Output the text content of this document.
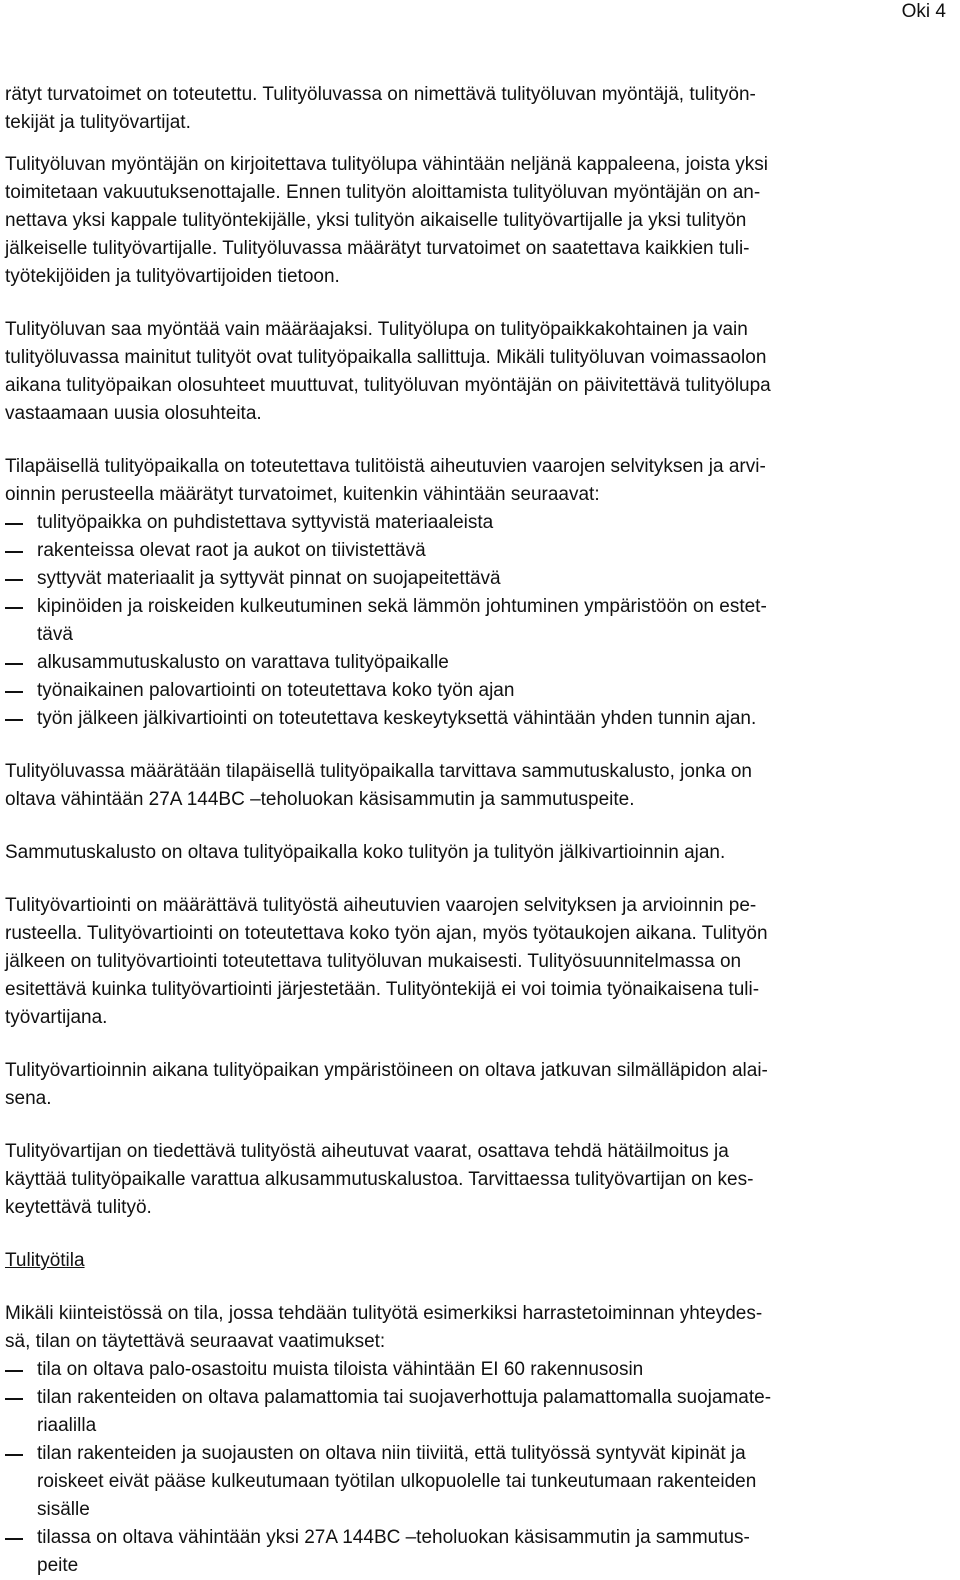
Oki 4

rätyt turvatoimet on toteutettu. Tulityöluvassa on nimettävä tulityöluvan myöntäjä, tulityön-
tekijät ja tulityövartijat.

Tulityöluvan myöntäjän on kirjoitettava tulityölupa vähintään neljänä kappaleena, joista yksi
toimitetaan vakuutuksenottajalle. Ennen tulityön aloittamista tulityöluvan myöntäjän on an-
nettava yksi kappale tulityöntekijälle, yksi tulityön aikaiselle tulityövartijalle ja yksi tulityön
jälkeiselle tulityövartijalle. Tulityöluvassa määrätyt turvatoimet on saatettava kaikkien tuli-
työtekijöiden ja tulityövartijoiden tietoon.

Tulityöluvan saa myöntää vain määräajaksi. Tulityölupa on tulityöpaikkakohtainen ja vain
tulityöluvassa mainitut tulityöt ovat tulityöpaikalla sallittuja. Mikäli tulityöluvan voimassaolon
aikana tulityöpaikan olosuhteet muuttuvat, tulityöluvan myöntäjän on päivitettävä tulityölupa
vastaamaan uusia olosuhteita.

Tilapäisellä tulityöpaikalla on toteutettava tulitöistä aiheutuvien vaarojen selvityksen ja arvi-
oinnin perusteella määrätyt turvatoimet, kuitenkin vähintään seuraavat:

tulityöpaikka on puhdistettava syttyvistä materiaaleista
rakenteissa olevat raot ja aukot on tiivistettävä
syttyvät materiaalit ja syttyvät pinnat on suojapeitettävä
kipinöiden ja roiskeiden kulkeutuminen sekä lämmön johtuminen ympäristöön on estet-
tävä
alkusammutuskalusto on varattava tulityöpaikalle
työnaikainen palovartiointi on toteutettava koko työn ajan
työn jälkeen jälkivartiointi on toteutettava keskeytyksettä vähintään yhden tunnin ajan.

Tulityöluvassa määrätään tilapäisellä tulityöpaikalla tarvittava sammutuskalusto, jonka on
oltava vähintään 27A 144BC –teholuokan käsisammutin ja sammutuspeite.

Sammutuskalusto on oltava tulityöpaikalla koko tulityön ja tulityön jälkivartioinnin ajan.

Tulityövartiointi on määrättävä tulityöstä aiheutuvien vaarojen selvityksen ja arvioinnin pe-
rusteella. Tulityövartiointi on toteutettava koko työn ajan, myös työtaukojen aikana. Tulityön
jälkeen on tulityövartiointi toteutettava tulityöluvan mukaisesti. Tulityösuunnitelmassa on
esitettävä kuinka tulityövartiointi järjestetään. Tulityöntekijä ei voi toimia työnaikaisena tuli-
työvartijana.

Tulityövartioinnin aikana tulityöpaikan ympäristöineen on oltava jatkuvan silmälläpidon alai-
sena.

Tulityövartijan on tiedettävä tulityöstä aiheutuvat vaarat, osattava tehdä hätäilmoitus ja
käyttää tulityöpaikalle varattua alkusammutuskalustoa. Tarvittaessa tulityövartijan on kes-
keytettävä tulityö.

Tulityötila

Mikäli kiinteistössä on tila, jossa tehdään tulityötä esimerkiksi harrastetoiminnan yhteydes-
sä, tilan on täytettävä seuraavat vaatimukset:

tila on oltava palo-osastoitu muista tiloista vähintään EI 60 rakennusosin
tilan rakenteiden on oltava palamattomia tai suojaverhottuja palamattomalla suojamate-
riaalilla
tilan rakenteiden ja suojausten on oltava niin tiiviitä, että tulityössä syntyvät kipinät ja
roiskeet eivät pääse kulkeutumaan työtilan ulkopuolelle tai tunkeutumaan rakenteiden
sisälle
tilassa on oltava vähintään yksi 27A 144BC –teholuokan käsisammutin ja sammutus-
peite
